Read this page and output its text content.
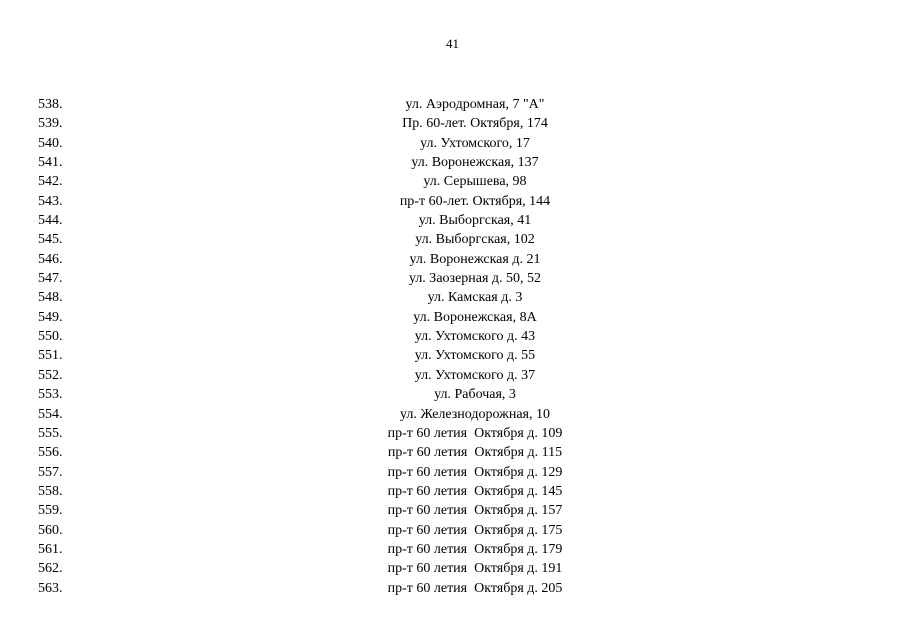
41
538.	ул. Аэродромная, 7 "А"
539.	Пр. 60-лет. Октября, 174
540.	ул. Ухтомского, 17
541.	ул. Воронежская, 137
542.	ул. Серышева, 98
543.	пр-т 60-лет. Октября, 144
544.	ул. Выборгская, 41
545.	ул. Выборгская, 102
546.	ул. Воронежская д. 21
547.	ул. Заозерная д. 50, 52
548.	ул. Камская д. 3
549.	ул. Воронежская, 8А
550.	ул. Ухтомского д. 43
551.	ул. Ухтомского д. 55
552.	ул. Ухтомского д. 37
553.	ул. Рабочая, 3
554.	ул. Железнодорожная, 10
555.	пр-т 60 летия  Октября д. 109
556.	пр-т 60 летия  Октября д. 115
557.	пр-т 60 летия  Октября д. 129
558.	пр-т 60 летия  Октября д. 145
559.	пр-т 60 летия  Октября д. 157
560.	пр-т 60 летия  Октября д. 175
561.	пр-т 60 летия  Октября д. 179
562.	пр-т 60 летия  Октября д. 191
563.	пр-т 60 летия  Октября д. 205
